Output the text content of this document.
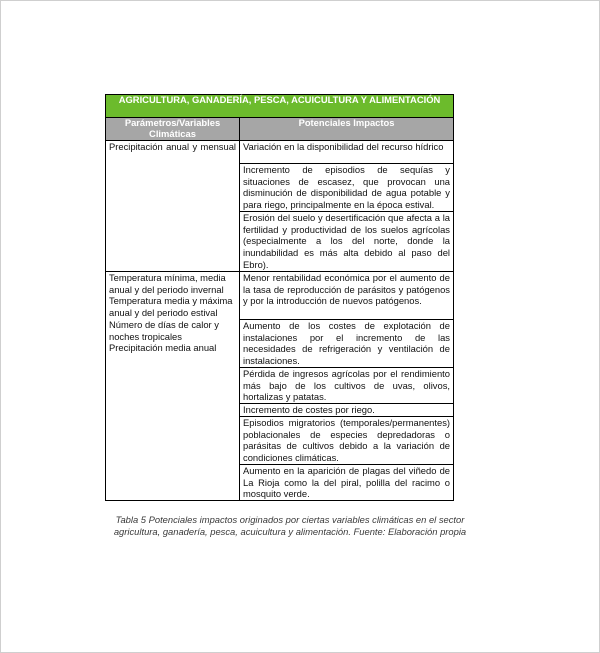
AGRICULTURA, GANADERÍA, PESCA, ACUICULTURA Y ALIMENTACIÓN	
Parámetros/Variables Climáticas	Potenciales Impactos

Precipitación anual y mensual	Variación en la disponibilidad del recurso hídrico
	Incremento de episodios de sequías y situaciones de escasez, que provocan una disminución de disponibilidad de agua potable y para riego, principalmente en la época estival.
	Erosión del suelo y desertificación que afecta a la fertilidad y productividad de los suelos agrícolas (especialmente a los del norte, donde la inundabilidad es más alta debido al paso del Ebro).

Temperatura mínima, media anual y del periodo invernal
Temperatura media y máxima anual y del periodo estival
Número de días de calor y noches tropicales
Precipitación media anual	Menor rentabilidad económica por el aumento de la tasa de reproducción de parásitos y patógenos y por la introducción de nuevos patógenos.
	Aumento de los costes de explotación de instalaciones por el incremento de las necesidades de refrigeración y ventilación de instalaciones.
	Pérdida de ingresos agrícolas por el rendimiento más bajo de los cultivos de uvas, olivos, hortalizas y patatas.
	Incremento de costes por riego.
	Episodios migratorios (temporales/permanentes) poblacionales de especies depredadoras o parásitas de cultivos debido a la variación de condiciones climáticas.
	Aumento en la aparición de plagas del viñedo de La Rioja como la del piral, polilla del racimo o mosquito verde.
Tabla 5 Potenciales impactos originados por ciertas variables climáticas en el sector agricultura, ganadería, pesca, acuicultura y alimentación. Fuente: Elaboración propia
